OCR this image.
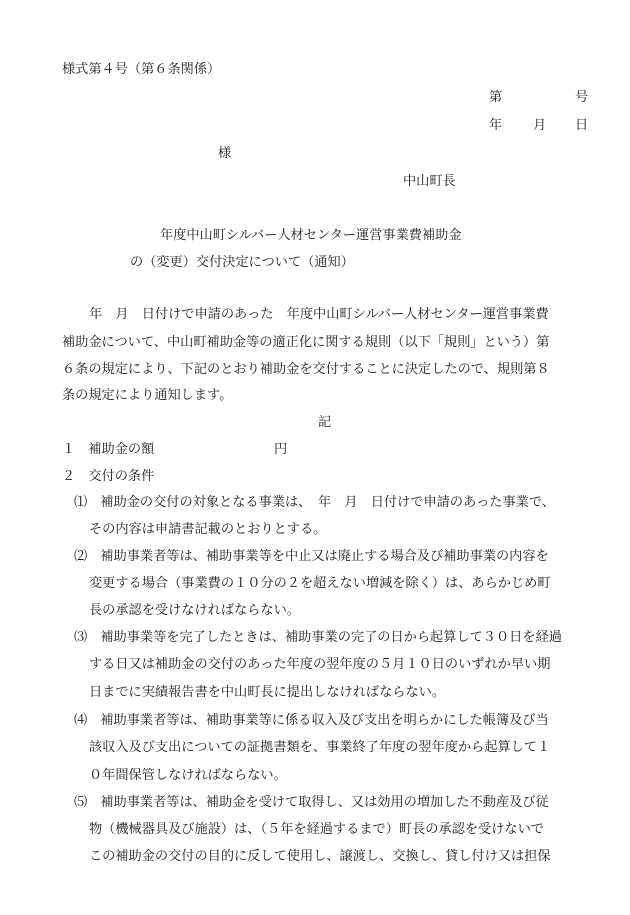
様式第４号（第６条関係）
第	号
年 月 日
様
中山町長
年度中山町シルバー人材センター運営事業費補助金
の（変更）交付決定について（通知）
年　月　日付けで申請のあった　年度中山町シルバー人材センター運営事業費
補助金について、中山町補助金等の適正化に関する規則（以下「規則」という）第
６条の規定により、下記のとおり補助金を交付することに決定したので、規則第８
条の規定により通知します。
記
１　補助金の額	円
２　交付の条件
⑴　補助金の交付の対象となる事業は、　年　月　日付けで申請のあった事業で、
その内容は申請書記載のとおりとする。
⑵　補助事業者等は、補助事業等を中止又は廃止する場合及び補助事業の内容を
変更する場合（事業費の１０分の２を超えない増減を除く）は、あらかじめ町
長の承認を受けなければならない。
⑶　補助事業等を完了したときは、補助事業の完了の日から起算して３０日を経過
する日又は補助金の交付のあった年度の翌年度の５月１０日のいずれか早い期
日までに実績報告書を中山町長に提出しなければならない。
⑷　補助事業者等は、補助事業等に係る収入及び支出を明らかにした帳簿及び当
該収入及び支出についての証拠書類を、事業終了年度の翌年度から起算して１
０年間保管しなければならない。
⑸　補助事業者等は、補助金を受けて取得し、又は効用の増加した不動産及び従
物（機械器具及び施設）は、（５年を経過するまで）町長の承認を受けないで
この補助金の交付の目的に反して使用し、譲渡し、交換し、貸し付け又は担保
